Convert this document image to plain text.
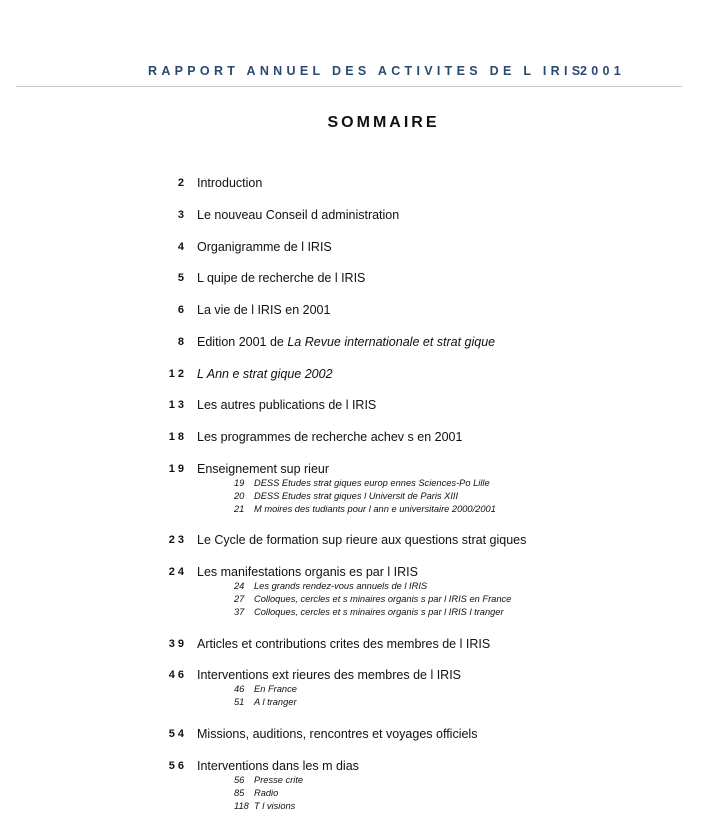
RAPPORT ANNUEL DES ACTIVITES DE L IRIS
2001
SOMMAIRE
2 Introduction
3 Le nouveau Conseil d administration
4 Organigramme de l IRIS
5 L quipe de recherche de l IRIS
6 La vie de l IRIS en 2001
8 Edition 2001 de La Revue internationale et strat gique
12 L Ann e strat gique 2002
13 Les autres publications de l IRIS
18 Les programmes de recherche achev s en 2001
19 Enseignement sup rieur
19 DESS Etudes strat giques europ ennes Sciences-Po Lille
20 DESS Etudes strat giques l Universit de Paris XIII
21 M moires des tudiants pour l ann e universitaire 2000/2001
23 Le Cycle de formation sup rieure aux questions strat giques
24 Les manifestations organis es par l IRIS
24 Les grands rendez-vous annuels de l IRIS
27 Colloques, cercles et s minaires organis s par l IRIS en France
37 Colloques, cercles et s minaires organis s par l IRIS l tranger
39 Articles et contributions crites des membres de l IRIS
46 Interventions ext rieures des membres de l IRIS
46 En France
51 A l tranger
54 Missions, auditions, rencontres et voyages officiels
56 Interventions dans les m dias
56 Presse crite
85 Radio
118 T l visions
